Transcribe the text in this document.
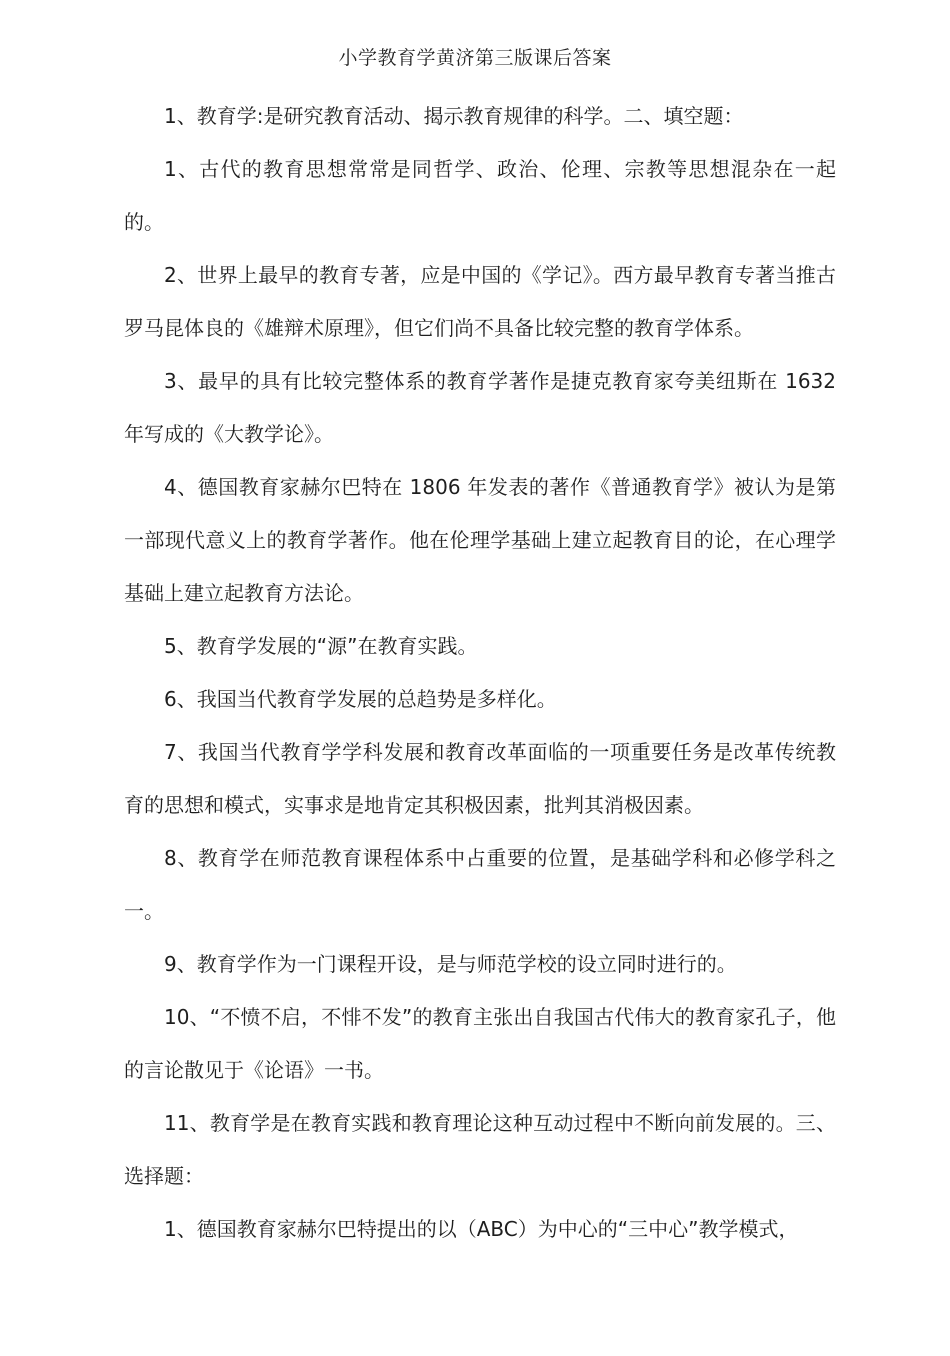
小学教育学黄济第三版课后答案

1、教育学:是研究教育活动、揭示教育规律的科学。二、填空题：

1、古代的教育思想常常是同哲学、政治、伦理、宗教等思想混杂在一起的。

2、世界上最早的教育专著，应是中国的《学记》。西方最早教育专著当推古罗马昆体良的《雄辩术原理》，但它们尚不具备比较完整的教育学体系。

3、最早的具有比较完整体系的教育学著作是捷克教育家夸美纽斯在 1632 年写成的《大教学论》。

4、德国教育家赫尔巴特在 1806 年发表的著作《普通教育学》被认为是第一部现代意义上的教育学著作。他在伦理学基础上建立起教育目的论，在心理学基础上建立起教育方法论。

5、教育学发展的“源”在教育实践。

6、我国当代教育学发展的总趋势是多样化。

7、我国当代教育学学科发展和教育改革面临的一项重要任务是改革传统教育的思想和模式，实事求是地肯定其积极因素，批判其消极因素。

8、教育学在师范教育课程体系中占重要的位置，是基础学科和必修学科之一。

9、教育学作为一门课程开设，是与师范学校的设立同时进行的。

10、“不愤不启，不悱不发”的教育主张出自我国古代伟大的教育家孔子，他的言论散见于《论语》一书。

11、教育学是在教育实践和教育理论这种互动过程中不断向前发展的。三、选择题：

1、德国教育家赫尔巴特提出的以（ABC）为中心的“三中心”教学模式，
